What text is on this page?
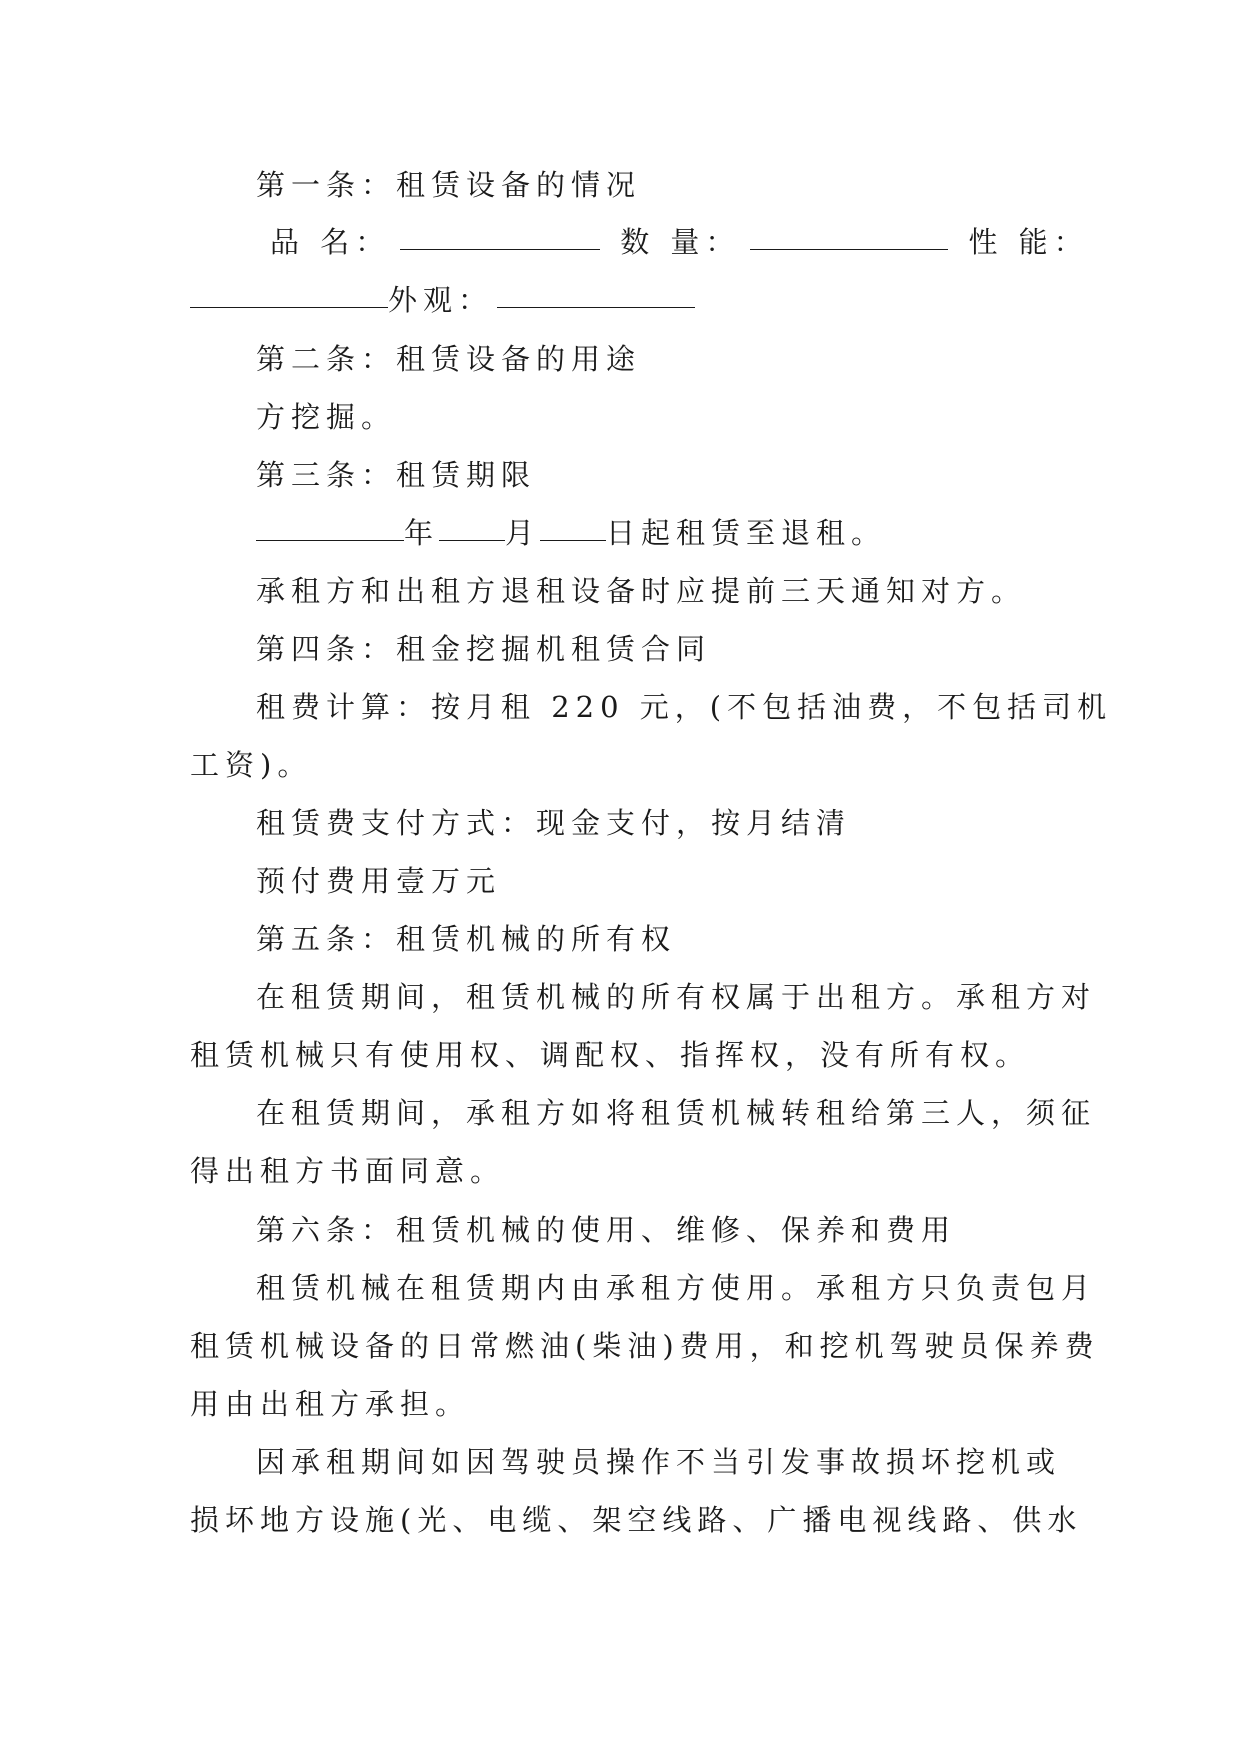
第一条：租赁设备的情况
品 名：	数 量：	性 能：
外观：
第二条：租赁设备的用途
方挖掘。
第三条：租赁期限
年 月 日起租赁至退租。
承租方和出租方退租设备时应提前三天通知对方。
第四条：租金挖掘机租赁合同
租费计算：按月租 220 元，(不包括油费，不包括司机
工资)。
租赁费支付方式：现金支付，按月结清
预付费用壹万元
第五条：租赁机械的所有权
在租赁期间，租赁机械的所有权属于出租方。承租方对
租赁机械只有使用权、调配权、指挥权，没有所有权。
在租赁期间，承租方如将租赁机械转租给第三人，须征
得出租方书面同意。
第六条：租赁机械的使用、维修、保养和费用
租赁机械在租赁期内由承租方使用。承租方只负责包月
租赁机械设备的日常燃油(柴油)费用，和挖机驾驶员保养费
用由出租方承担。
因承租期间如因驾驶员操作不当引发事故损坏挖机或
损坏地方设施(光、电缆、架空线路、广播电视线路、供水
